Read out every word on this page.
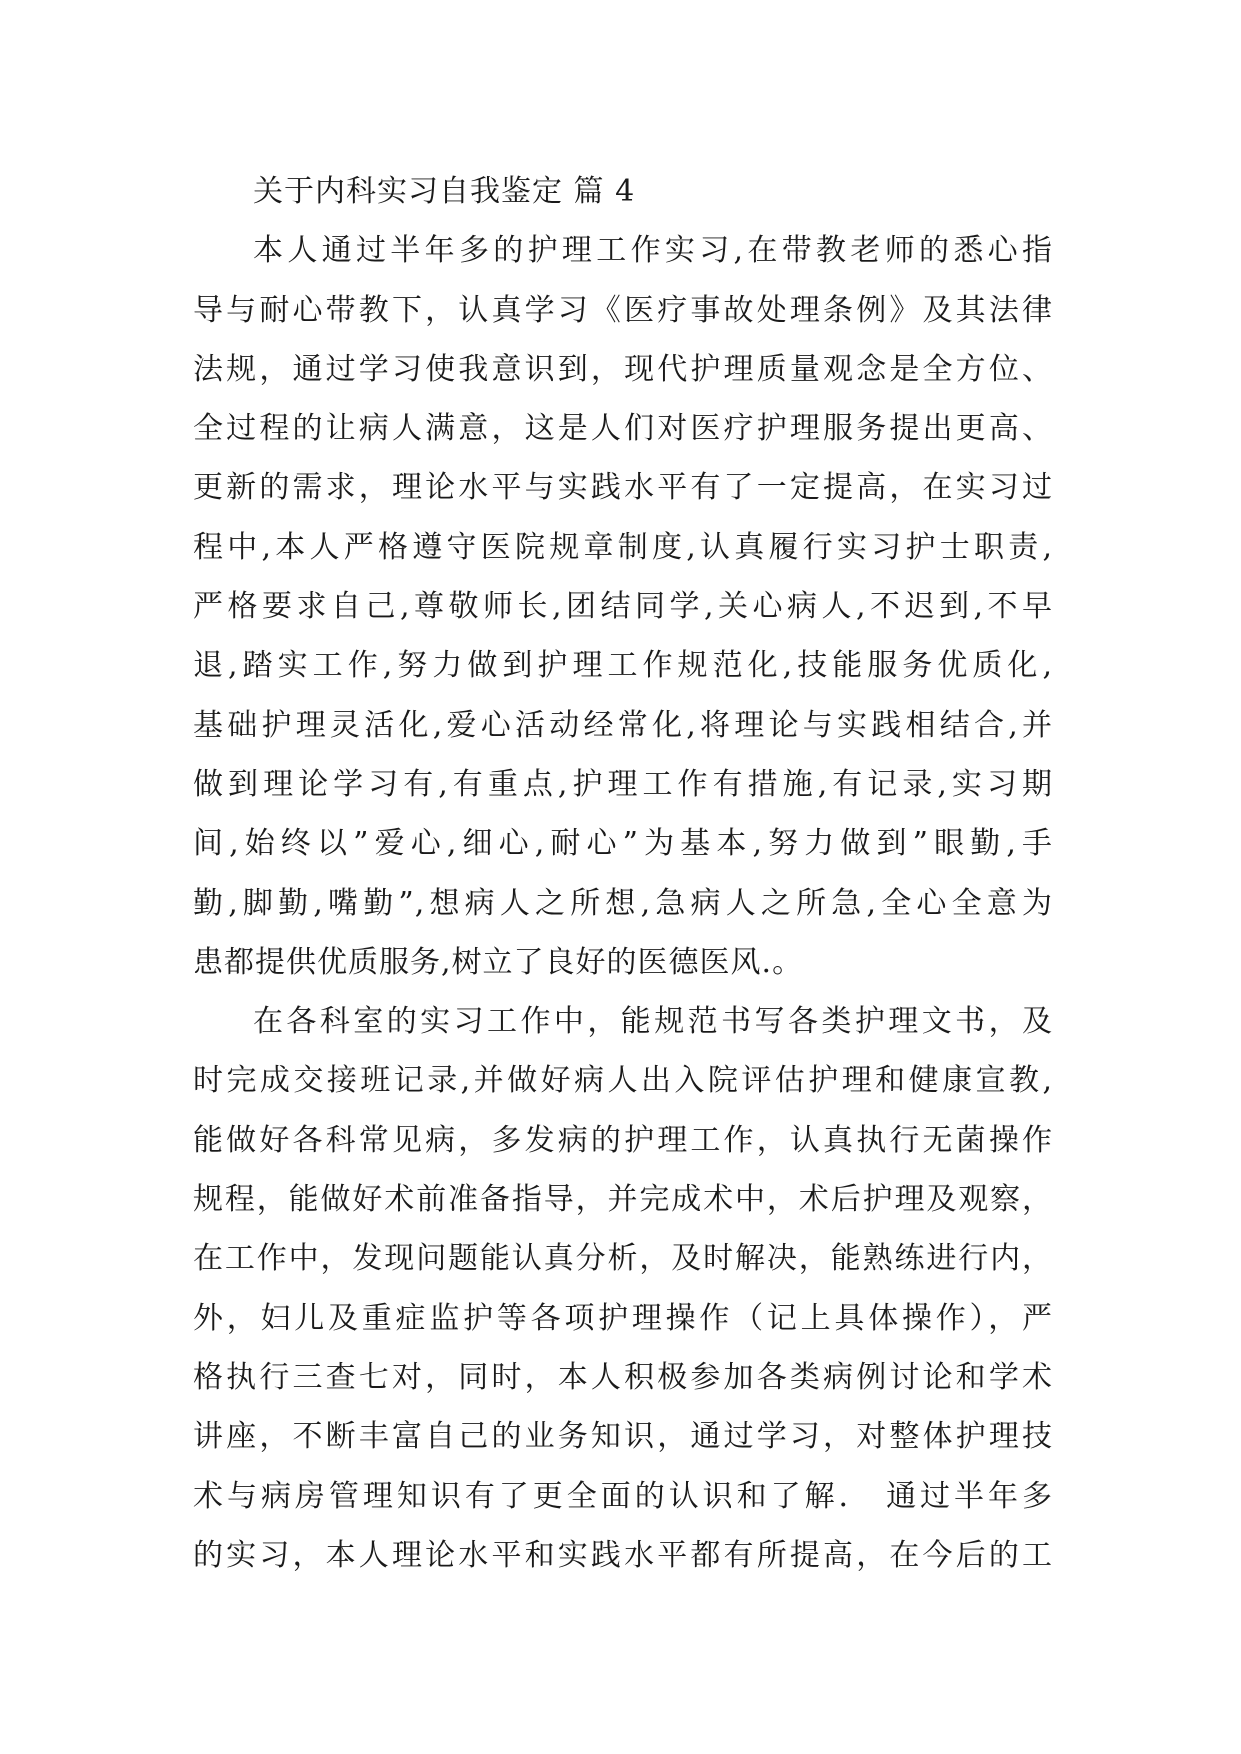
关于内科实习自我鉴定 篇 4
本人通过半年多的护理工作实习,在带教老师的悉心指
导与耐心带教下，认真学习《医疗事故处理条例》及其法律
法规，通过学习使我意识到，现代护理质量观念是全方位、
全过程的让病人满意，这是人们对医疗护理服务提出更高、
更新的需求，理论水平与实践水平有了一定提高，在实习过
程中,本人严格遵守医院规章制度,认真履行实习护士职责,
严格要求自己,尊敬师长,团结同学,关心病人,不迟到,不早
退,踏实工作,努力做到护理工作规范化,技能服务优质化,
基础护理灵活化,爱心活动经常化,将理论与实践相结合,并
做到理论学习有,有重点,护理工作有措施,有记录,实习期
间,始终以”爱心,细心,耐心”为基本,努力做到”眼勤,手
勤,脚勤,嘴勤”,想病人之所想,急病人之所急,全心全意为
患都提供优质服务,树立了良好的医德医风.。
在各科室的实习工作中，能规范书写各类护理文书，及
时完成交接班记录,并做好病人出入院评估护理和健康宣教,
能做好各科常见病，多发病的护理工作，认真执行无菌操作
规程，能做好术前准备指导，并完成术中，术后护理及观察，
在工作中，发现问题能认真分析，及时解决，能熟练进行内，
外，妇儿及重症监护等各项护理操作（记上具体操作），严
格执行三查七对，同时，本人积极参加各类病例讨论和学术
讲座，不断丰富自己的业务知识，通过学习，对整体护理技
术与病房管理知识有了更全面的认识和了解． 通过半年多
的实习，本人理论水平和实践水平都有所提高，在今后的工
